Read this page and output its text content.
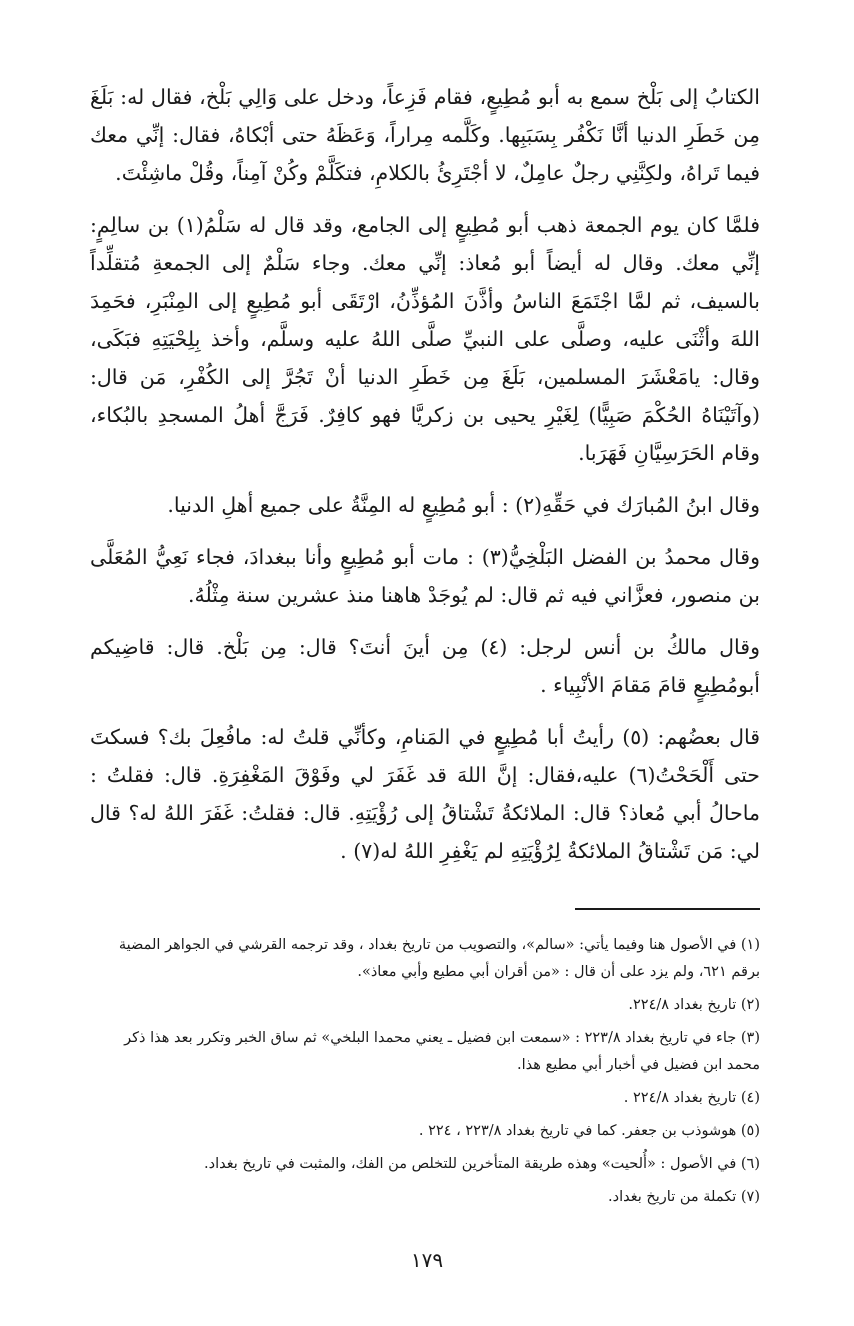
الكتابُ إلى بَلْخ سمع به أبو مُطِيعٍ، فقام فَزِعاً، ودخل على وَالِي بَلْخ، فقال له: بَلَغَ مِن خَطَرِ الدنيا أنَّا نَكْفُر بِسَبَبِها. وكَلَّمه مِراراً، وَعَظَهُ حتى أبْكاهُ، فقال: إنِّي معك فيما تَراهُ، ولكِنَّنِي رجلٌ عامِلٌ، لا أجْتَرِئُ بالكلامِ، فتكَلَّمْ وكُنْ آمِناً، وقُلْ ماشِئْتَ.

فلمَّا كان يوم الجمعة ذهب أبو مُطِيعٍ إلى الجامع، وقد قال له سَلْمُ(١) بن سالِمٍ: إنِّي معك. وقال له أيضاً أبو مُعاذ: إنِّي معك. وجاء سَلْمٌ إلى الجمعةِ مُتقلِّداً بالسيف، ثم لمَّا اجْتَمَعَ الناسُ وأذَّنَ المُؤذِّنُ، ارْتَقَى أبو مُطِيعٍ إلى المِنْبَرِ، فحَمِدَ اللهَ وأثْنَى عليه، وصلَّى على النبيِّ صلَّى اللهُ عليه وسلَّم، وأخذ بِلِحْيَتِهِ فبَكَى، وقال: يامَعْشَرَ المسلمين، بَلَغَ مِن خَطَرِ الدنيا أنْ تَجُرَّ إلى الكُفْرِ، مَن قال: (وآتَيْنَاهُ الحُكْمَ صَبِيًّا) لِغَيْرِ يحيى بن زكريَّا فهو كافِرٌ. فَرَجَّ أهلُ المسجدِ بالبُكاء، وقام الحَرَسِيَّانِ فَهَرَبا.

وقال ابنُ المُبارَك في حَقِّهِ(٢) : أبو مُطِيعٍ له المِنَّةُ على جميع أهلِ الدنيا.

وقال محمدُ بن الفضل البَلْخِيُّ(٣) : مات أبو مُطِيعٍ وأنا ببغدادَ، فجاء نَعِيُّ المُعَلَّى بن منصور، فعزَّاني فيه ثم قال: لم يُوجَدْ هاهنا منذ عشرين سنة مِثْلُهُ.

وقال مالكُ بن أنس لرجل: (٤) مِن أينَ أنتَ؟ قال: مِن بَلْخ. قال: قاضِيكم أبومُطِيعٍ قامَ مَقامَ الأنْبِياء .

قال بعضُهم: (٥) رأيتُ أبا مُطِيعٍ في المَنامِ، وكأنِّي قلتُ له: مافُعِلَ بك؟ فسكتَ حتى أَلْحَحْتُ(٦) عليه،فقال: إنَّ اللهَ قد غَفَرَ لي وفَوْقَ المَغْفِرَةِ. قال: فقلتُ : ماحالُ أبي مُعاذ؟ قال: الملائكةُ تَشْتاقُ إلى رُؤْيَتِهِ. قال: فقلتُ: غَفَرَ اللهُ له؟ قال لي: مَن تَشْتاقُ الملائكةُ لِرُؤْيَتِهِ لم يَغْفِرِ اللهُ له(٧) .

(١) في الأصول هنا وفيما يأتي: «سالم»، والتصويب من تاريخ بغداد ، وقد ترجمه القرشي في الجواهر المضية برقم ٦٢١، ولم يزد على أن قال : «من أقران أبي مطيع وأبي معاذ».

(٢) تاريخ بغداد ٢٢٤/٨.

(٣) جاء في تاريخ بغداد ٢٢٣/٨ : «سمعت ابن فضيل ـ يعني محمدا البلخي» ثم ساق الخبر وتكرر بعد هذا ذكر محمد ابن فضيل في أخبار أبي مطيع هذا.

(٤) تاريخ بغداد ٢٢٤/٨ .

(٥) هوشوذب بن جعفر. كما في تاريخ بغداد ٢٢٣/٨ ، ٢٢٤ .

(٦) في الأصول : «أُلحيت» وهذه طريقة المتأخرين للتخلص من الفك، والمثبت في تاريخ بغداد.

(٧) تكملة من تاريخ بغداد.

١٧٩
